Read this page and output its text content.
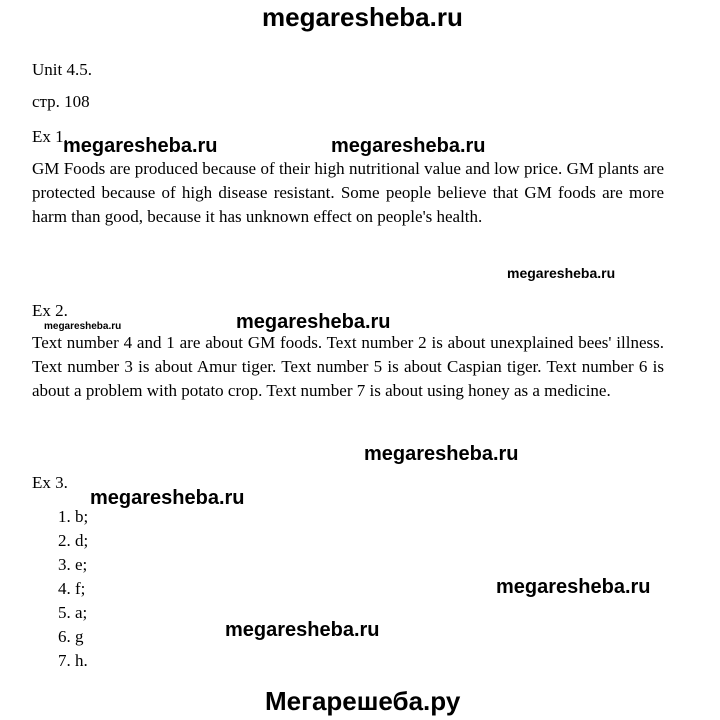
megaresheba.ru
megaresheba.ru	megaresheba.ru
megaresheba.ru
megaresheba.ru	megaresheba.ru
megaresheba.ru
megaresheba.ru
megaresheba.ru
megaresheba.ru
Мегарешеба.ру
Unit 4.5.
стр. 108
Ex 1.
GM Foods are produced because of their high nutritional value and low price. GM plants are protected because of high disease resistant. Some people believe that GM foods are more harm than good, because it has unknown effect on people's health.
Ex 2.
Text number 4 and 1 are about GM foods. Text number 2 is about unexplained bees' illness. Text number 3 is about Amur tiger. Text number 5 is about Caspian tiger. Text number 6 is about a problem with potato crop. Text number 7 is about using honey as a medicine.
Ex 3.
1. b;
2. d;
3. e;
4. f;
5. a;
6. g
7. h.
